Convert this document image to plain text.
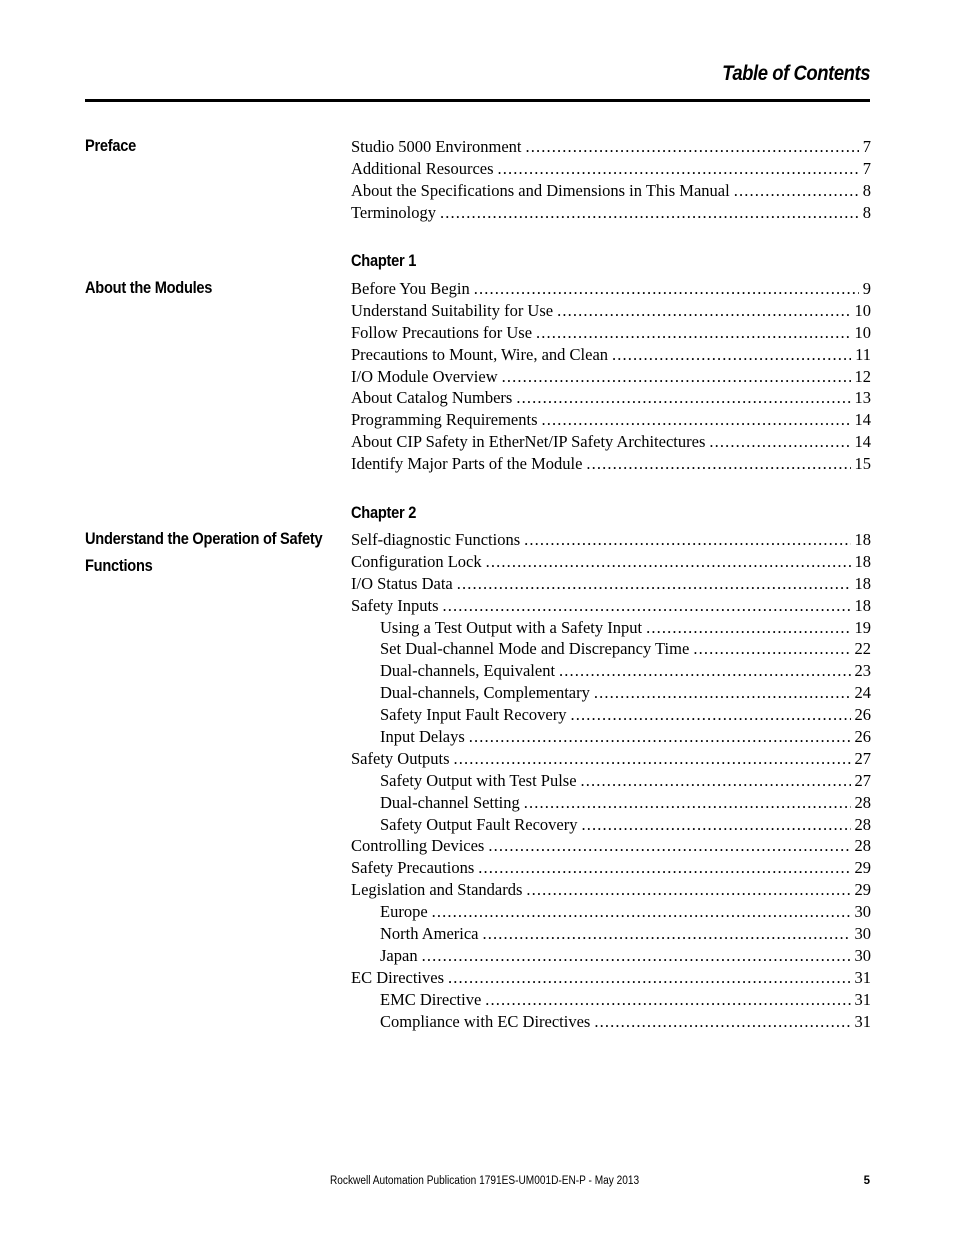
Table of Contents
Preface	Studio 5000 Environment . . .	7
Additional Resources . . .	7
About the Specifications and Dimensions in This Manual . . .	8
Terminology . . .	8
Chapter 1
About the Modules	Before You Begin . . .	9
Understand Suitability for Use . . .	10
Follow Precautions for Use . . .	10
Precautions to Mount, Wire, and Clean . . .	11
I/O Module Overview . . .	12
About Catalog Numbers . . .	13
Programming Requirements . . .	14
About CIP Safety in EtherNet/IP Safety Architectures . . .	14
Identify Major Parts of the Module . . .	15
Chapter 2
Understand the Operation of Safety
Functions
Self-diagnostic Functions . . .	18
Configuration Lock . . .	18
I/O Status Data . . .	18
Safety Inputs . . .	18
Using a Test Output with a Safety Input . . .	19
Set Dual-channel Mode and Discrepancy Time . . .	22
Dual-channels, Equivalent . . .	23
Dual-channels, Complementary . . .	24
Safety Input Fault Recovery . . .	26
Input Delays . . .	26
Safety Outputs . . .	27
Safety Output with Test Pulse . . .	27
Dual-channel Setting . . .	28
Safety Output Fault Recovery . . .	28
Controlling Devices . . .	28
Safety Precautions . . .	29
Legislation and Standards . . .	29
Europe . . .	30
North America . . .	30
Japan . . .	30
EC Directives . . .	31
EMC Directive . . .	31
Compliance with EC Directives . . .	31
Rockwell Automation Publication 1791ES-UM001D-EN-P - May 2013	5
